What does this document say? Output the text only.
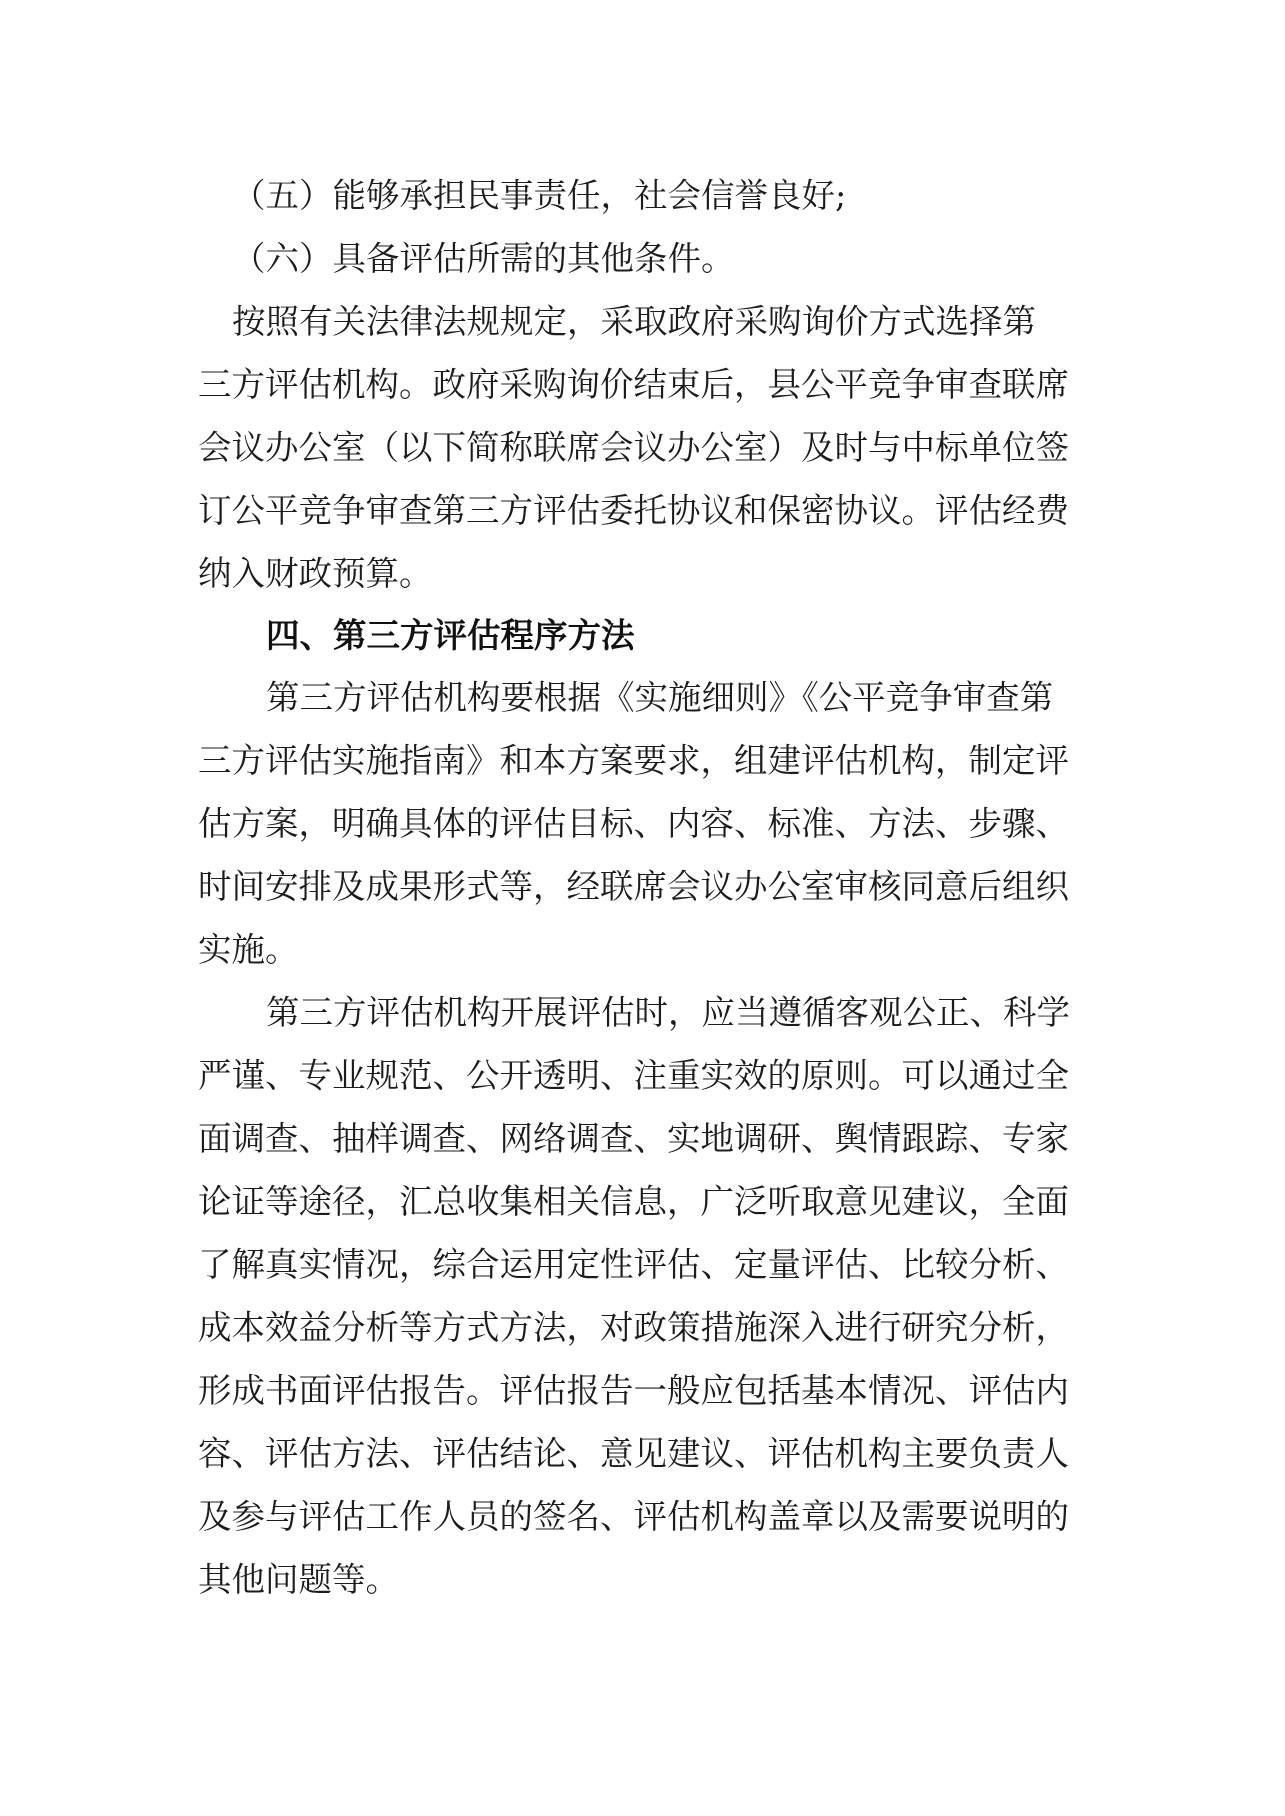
（五）能够承担民事责任，社会信誉良好;
（六）具备评估所需的其他条件。
按照有关法律法规规定，采取政府采购询价方式选择第
三方评估机构。政府采购询价结束后，县公平竞争审查联席
会议办公室（以下简称联席会议办公室）及时与中标单位签
订公平竞争审查第三方评估委托协议和保密协议。评估经费
纳入财政预算。
四、第三方评估程序方法
第三方评估机构要根据《实施细则》《公平竞争审查第
三方评估实施指南》和本方案要求，组建评估机构，制定评
估方案，明确具体的评估目标、内容、标准、方法、步骤、
时间安排及成果形式等，经联席会议办公室审核同意后组织
实施。
第三方评估机构开展评估时，应当遵循客观公正、科学
严谨、专业规范、公开透明、注重实效的原则。可以通过全
面调查、抽样调查、网络调查、实地调研、舆情跟踪、专家
论证等途径，汇总收集相关信息，广泛听取意见建议，全面
了解真实情况，综合运用定性评估、定量评估、比较分析、
成本效益分析等方式方法，对政策措施深入进行研究分析，
形成书面评估报告。评估报告一般应包括基本情况、评估内
容、评估方法、评估结论、意见建议、评估机构主要负责人
及参与评估工作人员的签名、评估机构盖章以及需要说明的
其他问题等。
